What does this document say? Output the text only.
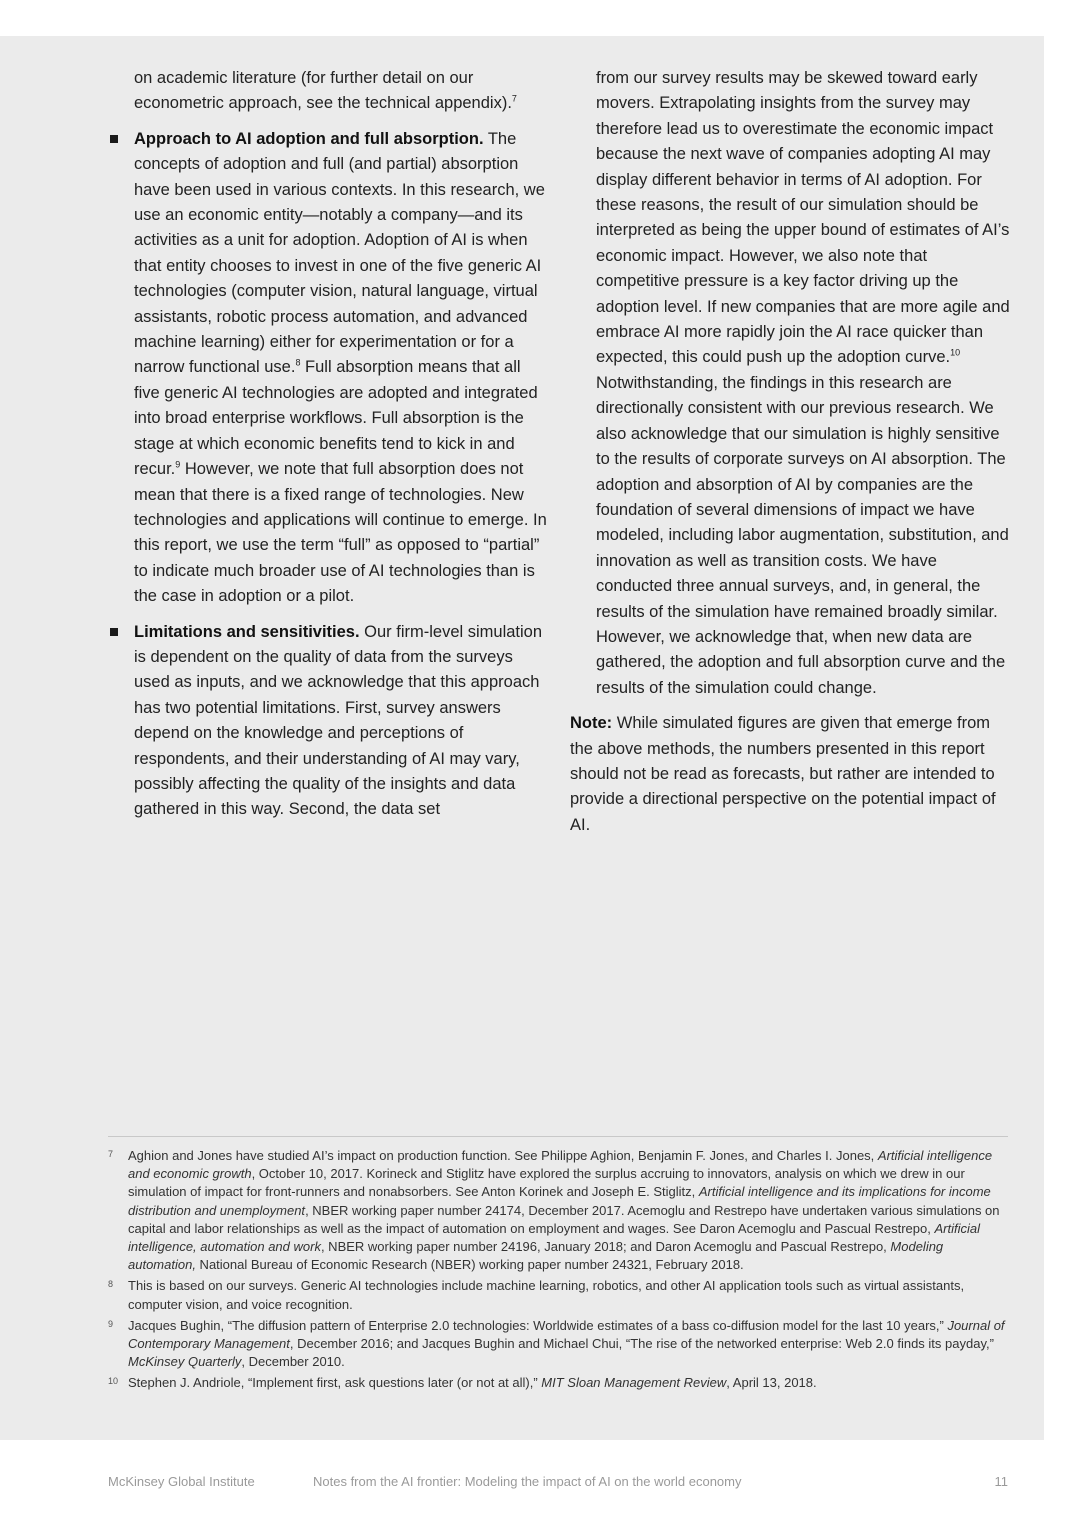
on academic literature (for further detail on our econometric approach, see the technical appendix).$^7$

Approach to AI adoption and full absorption. The concepts of adoption and full (and partial) absorption have been used in various contexts. In this research, we use an economic entity—notably a company—and its activities as a unit for adoption. Adoption of AI is when that entity chooses to invest in one of the five generic AI technologies (computer vision, natural language, virtual assistants, robotic process automation, and advanced machine learning) either for experimentation or for a narrow functional use.$^8$ Full absorption means that all five generic AI technologies are adopted and integrated into broad enterprise workflows. Full absorption is the stage at which economic benefits tend to kick in and recur.$^9$ However, we note that full absorption does not mean that there is a fixed range of technologies. New technologies and applications will continue to emerge. In this report, we use the term “full” as opposed to “partial” to indicate much broader use of AI technologies than is the case in adoption or a pilot.
Limitations and sensitivities. Our firm-level simulation is dependent on the quality of data from the surveys used as inputs, and we acknowledge that this approach has two potential limitations. First, survey answers depend on the knowledge and perceptions of respondents, and their understanding of AI may vary, possibly affecting the quality of the insights and data gathered in this way. Second, the data set

from our survey results may be skewed toward early movers. Extrapolating insights from the survey may therefore lead us to overestimate the economic impact because the next wave of companies adopting AI may display different behavior in terms of AI adoption. For these reasons, the result of our simulation should be interpreted as being the upper bound of estimates of AI’s economic impact. However, we also note that competitive pressure is a key factor driving up the adoption level. If new companies that are more agile and embrace AI more rapidly join the AI race quicker than expected, this could push up the adoption curve.$^{10}$ Notwithstanding, the findings in this research are directionally consistent with our previous research. We also acknowledge that our simulation is highly sensitive to the results of corporate surveys on AI absorption. The adoption and absorption of AI by companies are the foundation of several dimensions of impact we have modeled, including labor augmentation, substitution, and innovation as well as transition costs. We have conducted three annual surveys, and, in general, the results of the simulation have remained broadly similar. However, we acknowledge that, when new data are gathered, the adoption and full absorption curve and the results of the simulation could change.

Note: While simulated figures are given that emerge from the above methods, the numbers presented in this report should not be read as forecasts, but rather are intended to provide a directional perspective on the potential impact of AI.

7 Aghion and Jones have studied AI’s impact on production function. See Philippe Aghion, Benjamin F. Jones, and Charles I. Jones, Artificial intelligence and economic growth, October 10, 2017. Korineck and Stiglitz have explored the surplus accruing to innovators, analysis on which we drew in our simulation of impact for front-runners and nonabsorbers. See Anton Korinek and Joseph E. Stiglitz, Artificial intelligence and its implications for income distribution and unemployment, NBER working paper number 24174, December 2017. Acemoglu and Restrepo have undertaken various simulations on capital and labor relationships as well as the impact of automation on employment and wages. See Daron Acemoglu and Pascual Restrepo, Artificial intelligence, automation and work, NBER working paper number 24196, January 2018; and Daron Acemoglu and Pascual Restrepo, Modeling automation, National Bureau of Economic Research (NBER) working paper number 24321, February 2018.
8 This is based on our surveys. Generic AI technologies include machine learning, robotics, and other AI application tools such as virtual assistants, computer vision, and voice recognition.
9 Jacques Bughin, “The diffusion pattern of Enterprise 2.0 technologies: Worldwide estimates of a bass co-diffusion model for the last 10 years,” Journal of Contemporary Management, December 2016; and Jacques Bughin and Michael Chui, “The rise of the networked enterprise: Web 2.0 finds its payday,” McKinsey Quarterly, December 2010.
10 Stephen J. Andriole, “Implement first, ask questions later (or not at all),” MIT Sloan Management Review, April 13, 2018.
McKinsey Global Institute	Notes from the AI frontier: Modeling the impact of AI on the world economy	11
